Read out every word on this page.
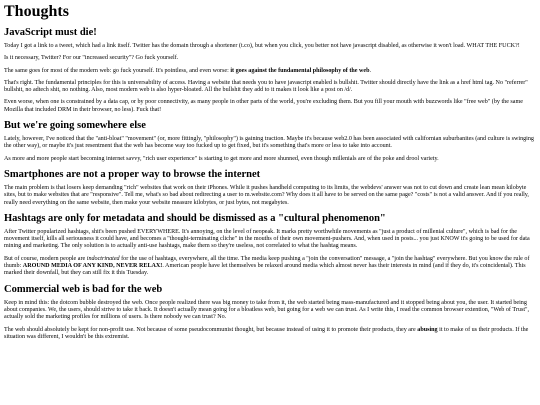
Thoughts
JavaScript must die!

Today I got a link to a tweet, which had a link itself. Twitter has the domain through a shortener (t.co), but when you click, you better not have javascript disabled, as otherwise it won't load. WHAT THE FUCK?!

Is it necessary, Twitter? For our "increased security"? Go fuck yourself.

The same goes for most of the modern web: go fuck yourself. It's pointless, and even worse: it goes against the fundamental philosophy of the web.

That's right. The fundamental principles for this is universability of access. Having a website that needs you to have javascript enabled is bullshit. Twitter should directly have the link as a href html tag. No "referrer" bullshit, no adtech shit, no nothing. Also, most modern web is also hyper-bloated. All the bullshit they add to it makes it look like a post on /d/.

Even worse, when one is constrained by a data cap, or by poor connectivity, as many people in other parts of the world, you're excluding them. But you fill your mouth with buzzwords like "free web" (by the same Mozilla that included DRM in their browser, no less). Fuck that!

But we're going somewhere else

Lately, however, I've noticed that the "anti-bloat" "movement" (or, more fittingly, "philosophy") is gaining traction. Maybe it's because web2.0 has been associated with californian suburbanites (and culture is swinging the other way), or maybe it's just resentment that the web has become way too fucked up to get fixed, but it's something that's more or less to take into account.

As more and more people start becoming internet savvy, "rich user experience" is starting to get more and more shunned, even though millenials are of the poke and drool variety.

Smartphones are not a proper way to browse the internet

The main problem is that losers keep demanding "rich" websites that work on their iPhones. While it pushes handheld computing to its limits, the webdevs' answer was not to cut down and create lean mean kilobyte sites, but to make websites that are "responsive". Tell me, what's so bad about redirecting a user to m.website.com? Why does it all have to be served on the same page? "costs" is not a valid answer. And if you really, really need everything on the same website, then make your website measure kilobytes, or just bytes, not megabytes.

Hashtags are only for metadata and should be dismissed as a "cultural phenomenon"

After Twitter popularized hashtags, shit's been pushed EVERYWHERE. It's annoying, on the level of neopeak. It marks pretty worthwhile movements as "just a product of millenial culture", which is bad for the movement itself, kills all seriousness it could have, and becomes a "thought-terminating cliche" in the mouths of their own movement-pushers. And, when used in posts... you just KNOW it's going to be used for data mining and marketing. The only solution is to actually anti-use hashtags, make them so they're useless, not correlated to what the hashtag means.

But of course, modern people are indoctrinated for the use of hashtags, everywhere, all the time. The media keep pushing a "join the conversation" message, a "join the hashtag" everywhere. But you know the rule of thumb: AROUND MEDIA OF ANY KIND, NEVER RELAX!. American people have let themselves be relaxed around media which almost never has their interests in mind (and if they do, it's coincidental). This marked their downfall, but they can still fix it this Tuesday.

Commercial web is bad for the web

Keep in mind this: the dotcom bubble destroyed the web. Once people realized there was big money to take from it, the web started being mass-manufactured and it stopped being about you, the user. It started being about companies. We, the users, should strive to take it back. It doesn't actually mean going for a bloatless web, but going for a web we can trust. As I write this, I read the common browser extention, "Web of Trust", actually sold the marketing profiles for millions of users. Is there nobody we can trust? No.

The web should absolutely be kept for non-profit use. Not because of some pseudocommunist thought, but because instead of using it to promote their products, they are abusing it to make of us their products. If the situation was different, I wouldn't be this extremist.
